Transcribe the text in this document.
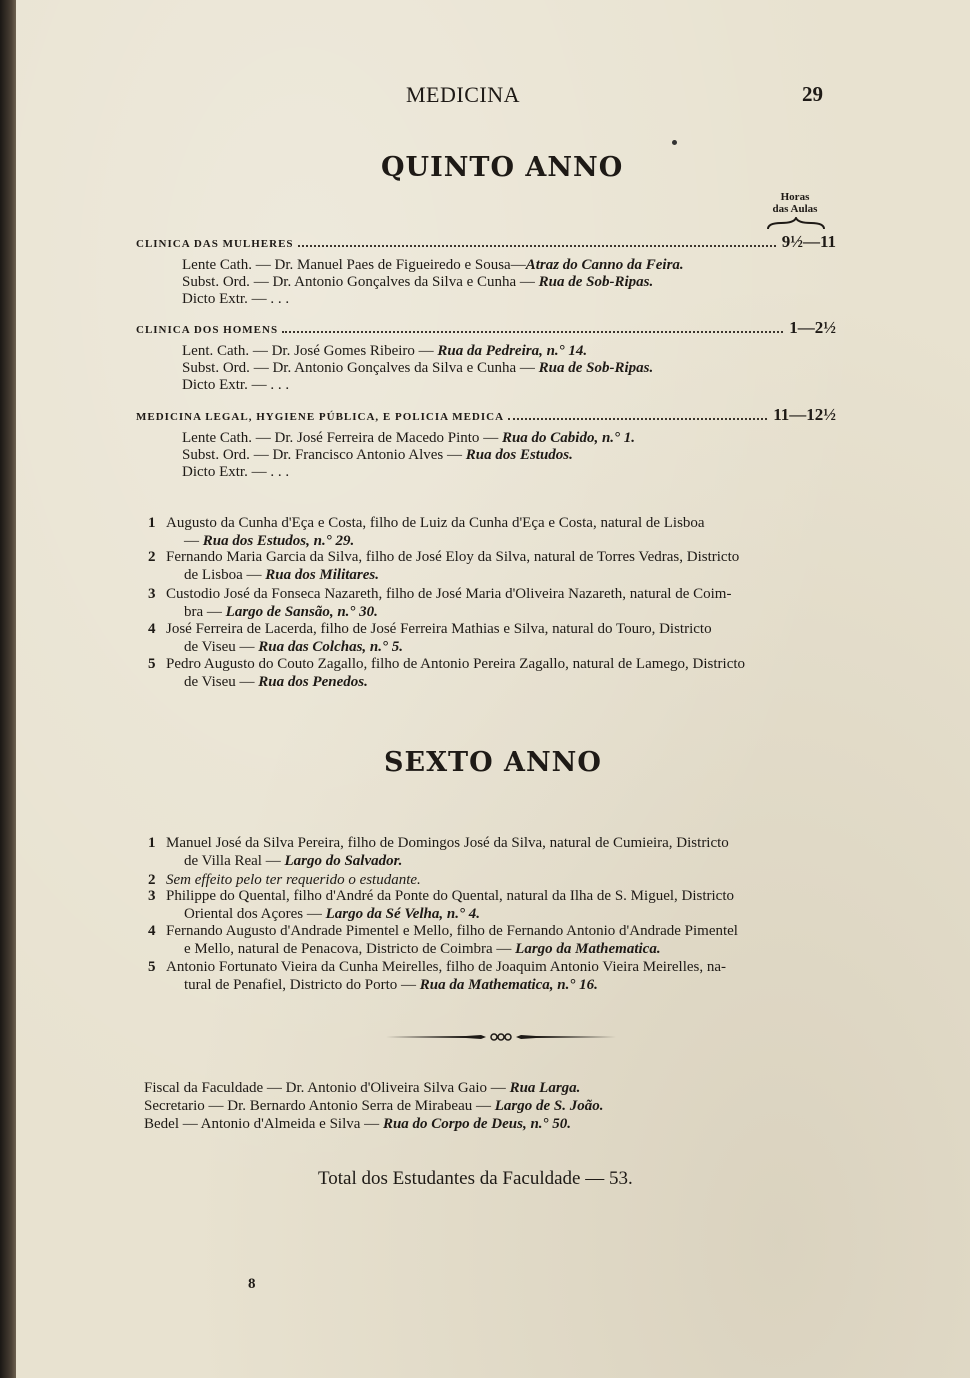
MEDICINA	29
QUINTO ANNO
Horas
das Aulas
CLINICA DAS MULHERES	9½—11
Lente Cath. — Dr. Manuel Paes de Figueiredo e Sousa—Atraz do Canno da Feira.
Subst. Ord. — Dr. Antonio Gonçalves da Silva e Cunha — Rua de Sob-Ripas.
Dicto Extr. — . . .
CLINICA DOS HOMENS	1—2½
Lent. Cath. — Dr. José Gomes Ribeiro — Rua da Pedreira, n.° 14.
Subst. Ord. — Dr. Antonio Gonçalves da Silva e Cunha — Rua de Sob-Ripas.
Dicto Extr. — . . .
MEDICINA LEGAL, HYGIENE PÚBLICA, E POLICIA MEDICA	11—12½
Lente Cath. — Dr. José Ferreira de Macedo Pinto — Rua do Cabido, n.° 1.
Subst. Ord. — Dr. Francisco Antonio Alves — Rua dos Estudos.
Dicto Extr. — . . .
1 Augusto da Cunha d'Eça e Costa, filho de Luiz da Cunha d'Eça e Costa, natural de Lisboa
— Rua dos Estudos, n.° 29.
2 Fernando Maria Garcia da Silva, filho de José Eloy da Silva, natural de Torres Vedras, Districto
de Lisboa — Rua dos Militares.
3 Custodio José da Fonseca Nazareth, filho de José Maria d'Oliveira Nazareth, natural de Coim-
bra — Largo de Sansão, n.° 30.
4 José Ferreira de Lacerda, filho de José Ferreira Mathias e Silva, natural do Touro, Districto
de Viseu — Rua das Colchas, n.° 5.
5 Pedro Augusto do Couto Zagallo, filho de Antonio Pereira Zagallo, natural de Lamego, Districto
de Viseu — Rua dos Penedos.
SEXTO ANNO
1 Manuel José da Silva Pereira, filho de Domingos José da Silva, natural de Cumieira, Districto
de Villa Real — Largo do Salvador.
2 Sem effeito pelo ter requerido o estudante.
3 Philippe do Quental, filho d'André da Ponte do Quental, natural da Ilha de S. Miguel, Districto
Oriental dos Açores — Largo da Sé Velha, n.° 4.
4 Fernando Augusto d'Andrade Pimentel e Mello, filho de Fernando Antonio d'Andrade Pimentel
e Mello, natural de Penacova, Districto de Coimbra — Largo da Mathematica.
5 Antonio Fortunato Vieira da Cunha Meirelles, filho de Joaquim Antonio Vieira Meirelles, na-
tural de Penafiel, Districto do Porto — Rua da Mathematica, n.° 16.
Fiscal da Faculdade — Dr. Antonio d'Oliveira Silva Gaio — Rua Larga.
Secretario — Dr. Bernardo Antonio Serra de Mirabeau — Largo de S. João.
Bedel — Antonio d'Almeida e Silva — Rua do Corpo de Deus, n.° 50.
Total dos Estudantes da Faculdade — 53.
8
